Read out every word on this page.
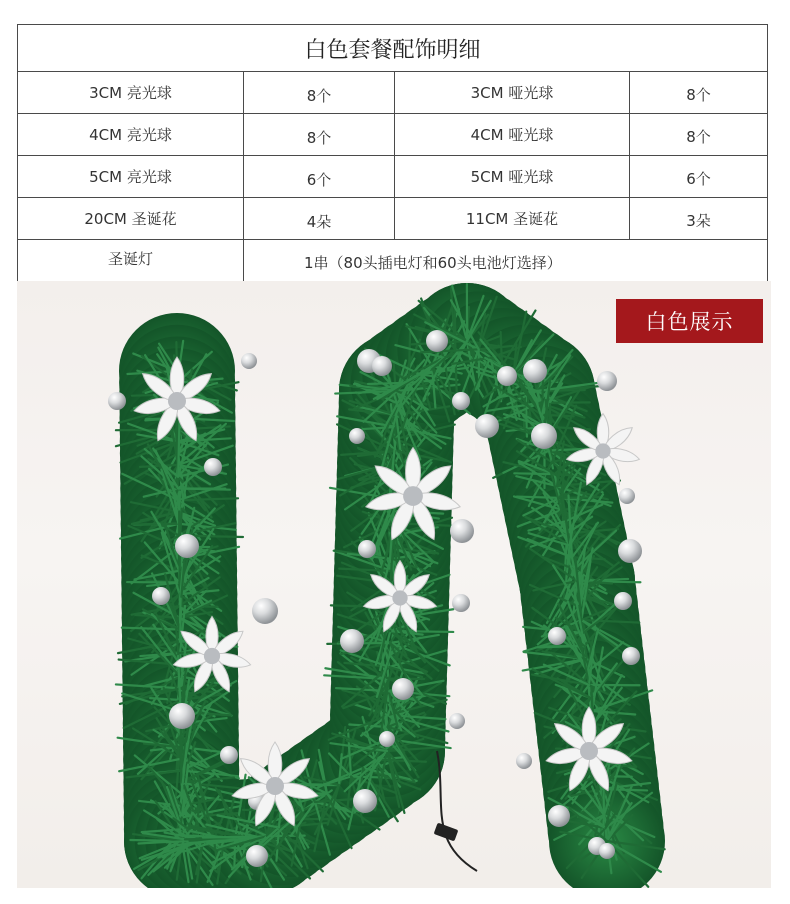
白色套餐配饰明细			
3CM 亮光球	8个	3CM 哑光球	8个
4CM 亮光球	8个	4CM 哑光球	8个
5CM 亮光球	6个	5CM 哑光球	6个
20CM 圣诞花	4朵	11CM 圣诞花	3朵
圣诞灯	1串（80头插电灯和60头电池灯选择）		
白色展示
